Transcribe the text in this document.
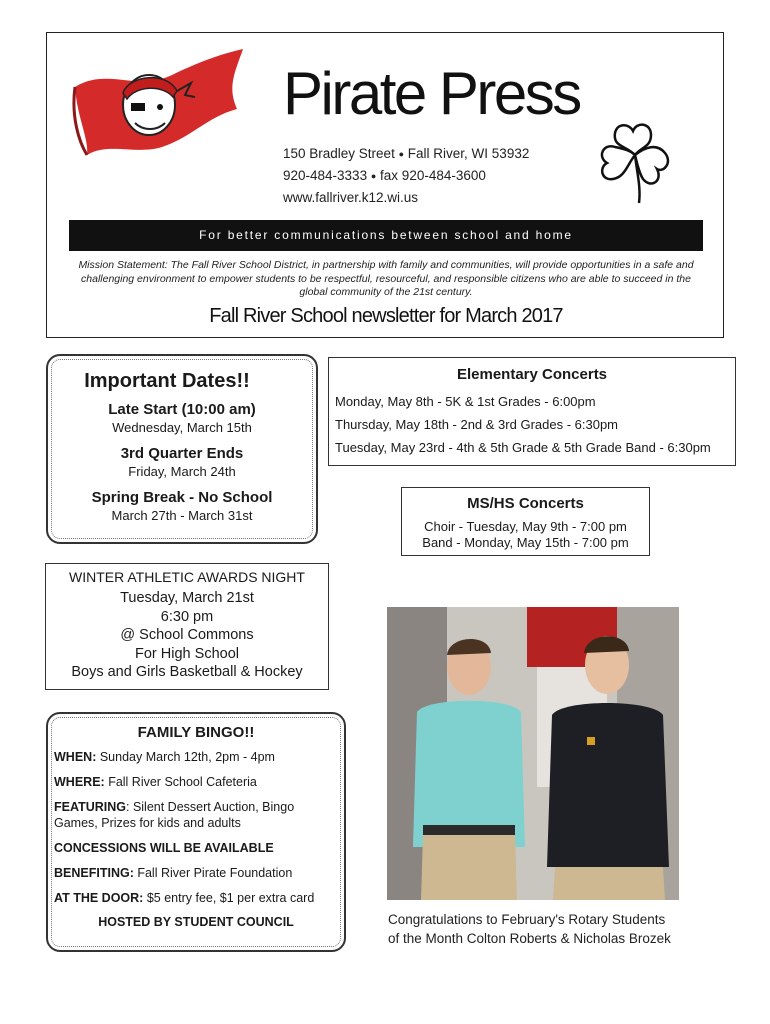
Pirate Press
150 Bradley Street ● Fall River, WI 53932
920-484-3333 ● fax 920-484-3600
www.fallriver.k12.wi.us
For better communications between school and home
Mission Statement: The Fall River School District, in partnership with family and communities, will provide opportunities in a safe and challenging environment to empower students to be respectful, resourceful, and responsible citizens who are able to succeed in the global community of the 21st century.
Fall River School newsletter for March 2017
Important Dates!!
Late Start (10:00 am)
Wednesday, March 15th
3rd Quarter Ends
Friday, March 24th
Spring Break - No School
March 27th - March 31st
Elementary Concerts

Monday, May 8th - 5K & 1st Grades - 6:00pm

Thursday, May 18th - 2nd & 3rd Grades - 6:30pm

Tuesday, May 23rd - 4th & 5th Grade & 5th Grade Band - 6:30pm

MS/HS Concerts

Choir - Tuesday, May 9th - 7:00 pm

Band - Monday, May 15th - 7:00 pm

WINTER ATHLETIC AWARDS NIGHT

Tuesday, March 21st

6:30 pm

@ School Commons

For High School

Boys and Girls Basketball & Hockey

FAMILY BINGO!!
WHEN: Sunday March 12th, 2pm - 4pm
WHERE: Fall River School Cafeteria
FEATURING: Silent Dessert Auction, Bingo Games, Prizes for kids and adults
CONCESSIONS WILL BE AVAILABLE
BENEFITING: Fall River Pirate Foundation
AT THE DOOR: $5 entry fee, $1 per extra card
HOSTED BY STUDENT COUNCIL	Congratulations to February's Rotary Students
of the Month Colton Roberts & Nicholas Brozek
